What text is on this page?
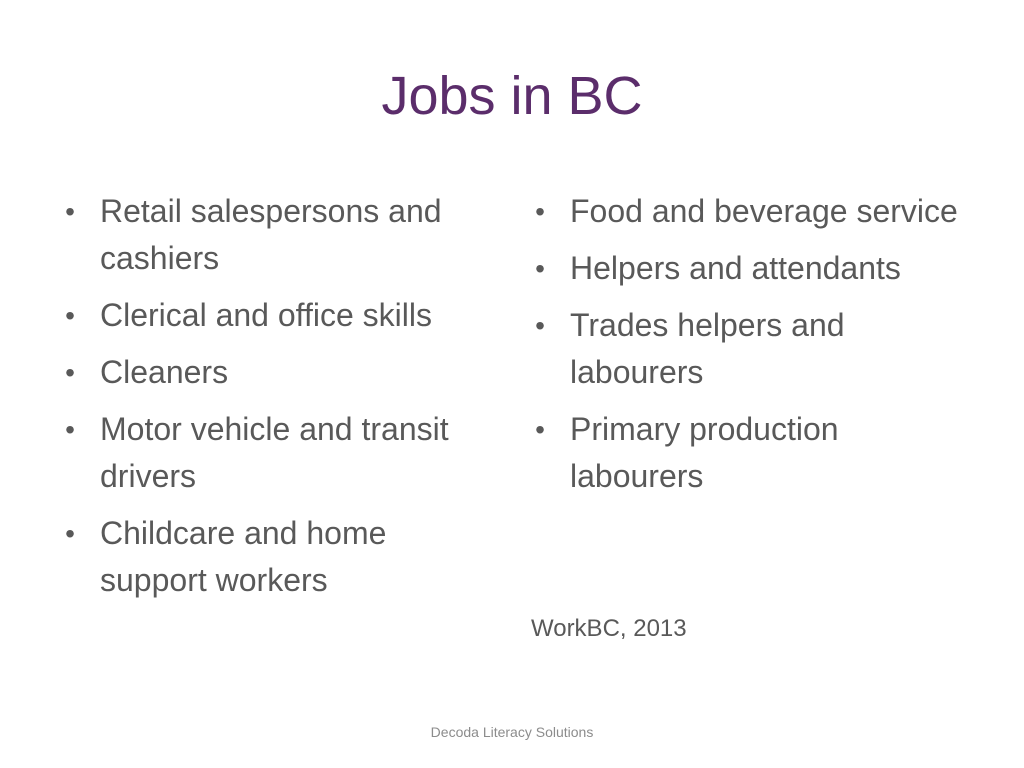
Jobs in BC
• Retail salespersons and cashiers
• Clerical and office skills
• Cleaners
• Motor vehicle and transit drivers
• Childcare and home support workers
• Food and beverage service
• Helpers and attendants
• Trades helpers and labourers
• Primary production labourers
WorkBC, 2013
Decoda Literacy Solutions
